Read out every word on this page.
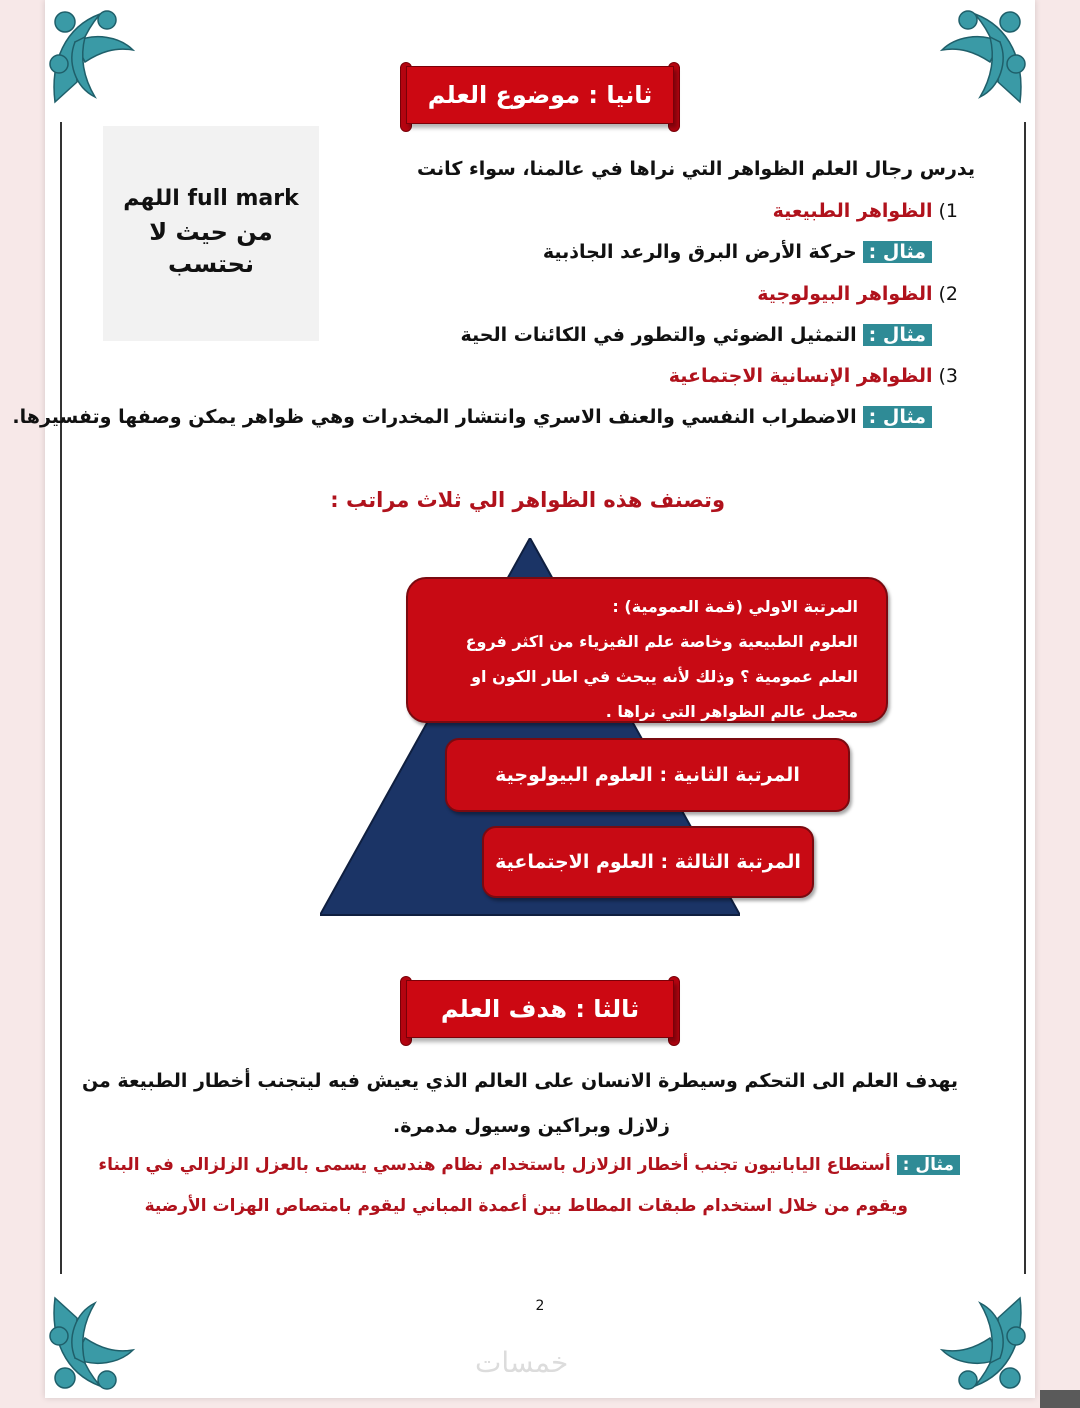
ثانيا : موضوع العلم
اللهم full mark
من حيث لا
نحتسب
يدرس رجال العلم الظواهر التي نراها في عالمنا، سواء كانت
1)الظواهر الطبيعية
مثال :حركة الأرض البرق والرعد الجاذبية
2)الظواهر البيولوجية
مثال :التمثيل الضوئي والتطور في الكائنات الحية
3)الظواهر الإنسانية الاجتماعية
مثال :الاضطراب النفسي والعنف الاسري وانتشار المخدرات وهي ظواهر يمكن وصفها وتفسيرها.
وتصنف هذه الظواهر الي ثلاث مراتب :
المرتبة الاولي (قمة العمومية) :
العلوم الطبيعية وخاصة علم الفيزياء من اكثر فروع
العلم عمومية ؟ وذلك لأنه يبحث في اطار الكون او
مجمل عالم الظواهر التي نراها .
المرتبة الثانية : العلوم البيولوجية
المرتبة الثالثة : العلوم الاجتماعية
ثالثا : هدف العلم
يهدف العلم الى التحكم وسيطرة الانسان على العالم الذي يعيش فيه ليتجنب أخطار الطبيعة من
زلازل وبراكين وسيول مدمرة.
مثال :أستطاع اليابانيون تجنب أخطار الزلازل باستخدام نظام هندسي يسمى بالعزل الزلزالي في البناء
ويقوم من خلال استخدام طبقات المطاط بين أعمدة المباني ليقوم بامتصاص الهزات الأرضية
2
خمسات
